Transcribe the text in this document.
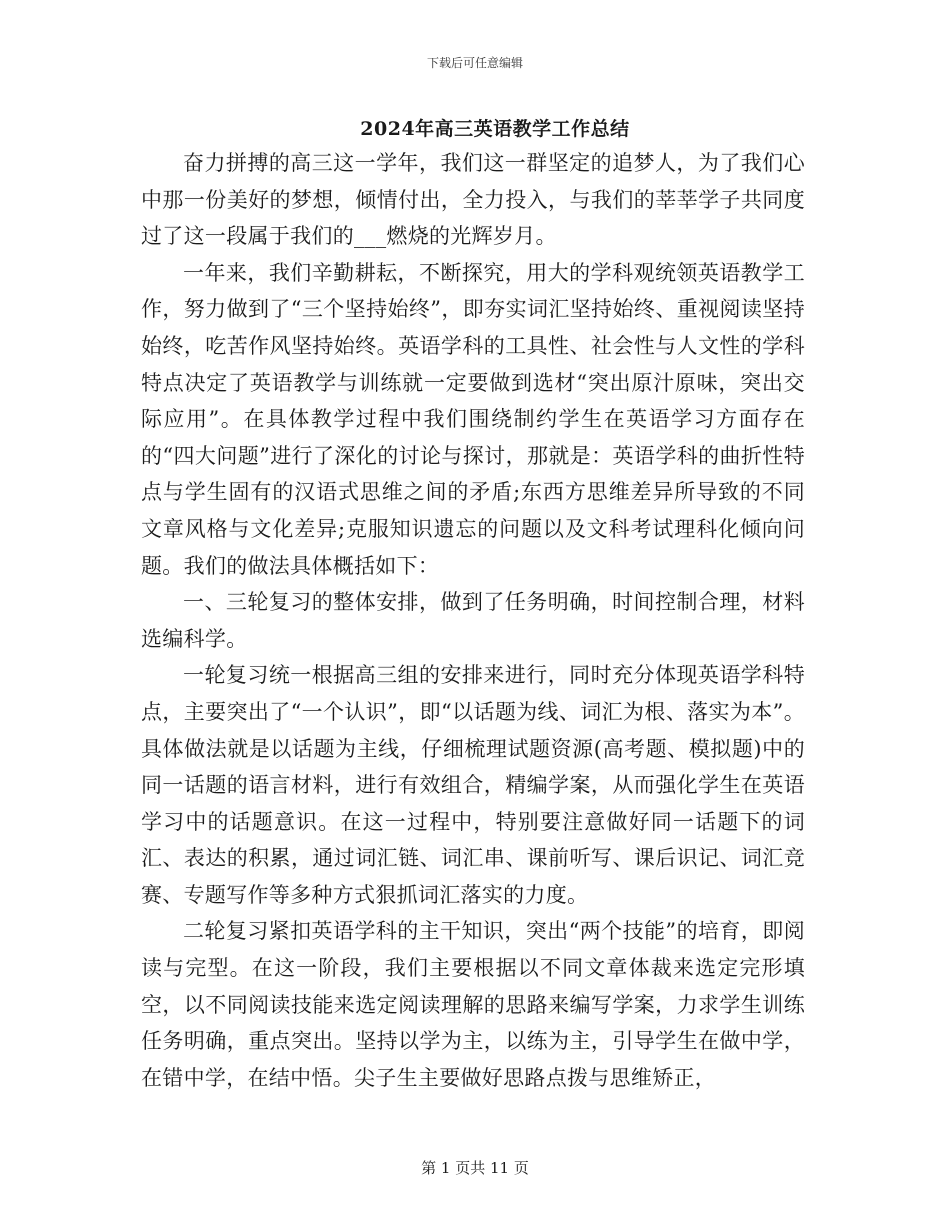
下载后可任意编辑
2024年高三英语教学工作总结

奋力拼搏的高三这一学年，我们这一群坚定的追梦人，为了我们心中那一份美好的梦想，倾情付出，全力投入，与我们的莘莘学子共同度过了这一段属于我们的___燃烧的光辉岁月。

一年来，我们辛勤耕耘，不断探究，用大的学科观统领英语教学工作，努力做到了“三个坚持始终”，即夯实词汇坚持始终、重视阅读坚持始终，吃苦作风坚持始终。英语学科的工具性、社会性与人文性的学科特点决定了英语教学与训练就一定要做到选材“突出原汁原味，突出交际应用”。在具体教学过程中我们围绕制约学生在英语学习方面存在的“四大问题”进行了深化的讨论与探讨，那就是：英语学科的曲折性特点与学生固有的汉语式思维之间的矛盾;东西方思维差异所导致的不同文章风格与文化差异;克服知识遗忘的问题以及文科考试理科化倾向问题。我们的做法具体概括如下：

一、三轮复习的整体安排，做到了任务明确，时间控制合理，材料选编科学。

一轮复习统一根据高三组的安排来进行，同时充分体现英语学科特点，主要突出了“一个认识”，即“以话题为线、词汇为根、落实为本”。具体做法就是以话题为主线，仔细梳理试题资源(高考题、模拟题)中的同一话题的语言材料，进行有效组合，精编学案，从而强化学生在英语学习中的话题意识。在这一过程中，特别要注意做好同一话题下的词汇、表达的积累，通过词汇链、词汇串、课前听写、课后识记、词汇竞赛、专题写作等多种方式狠抓词汇落实的力度。

二轮复习紧扣英语学科的主干知识，突出“两个技能”的培育，即阅读与完型。在这一阶段，我们主要根据以不同文章体裁来选定完形填空，以不同阅读技能来选定阅读理解的思路来编写学案，力求学生训练任务明确，重点突出。坚持以学为主，以练为主，引导学生在做中学，在错中学，在结中悟。尖子生主要做好思路点拨与思维矫正，

第 1 页共 11 页
